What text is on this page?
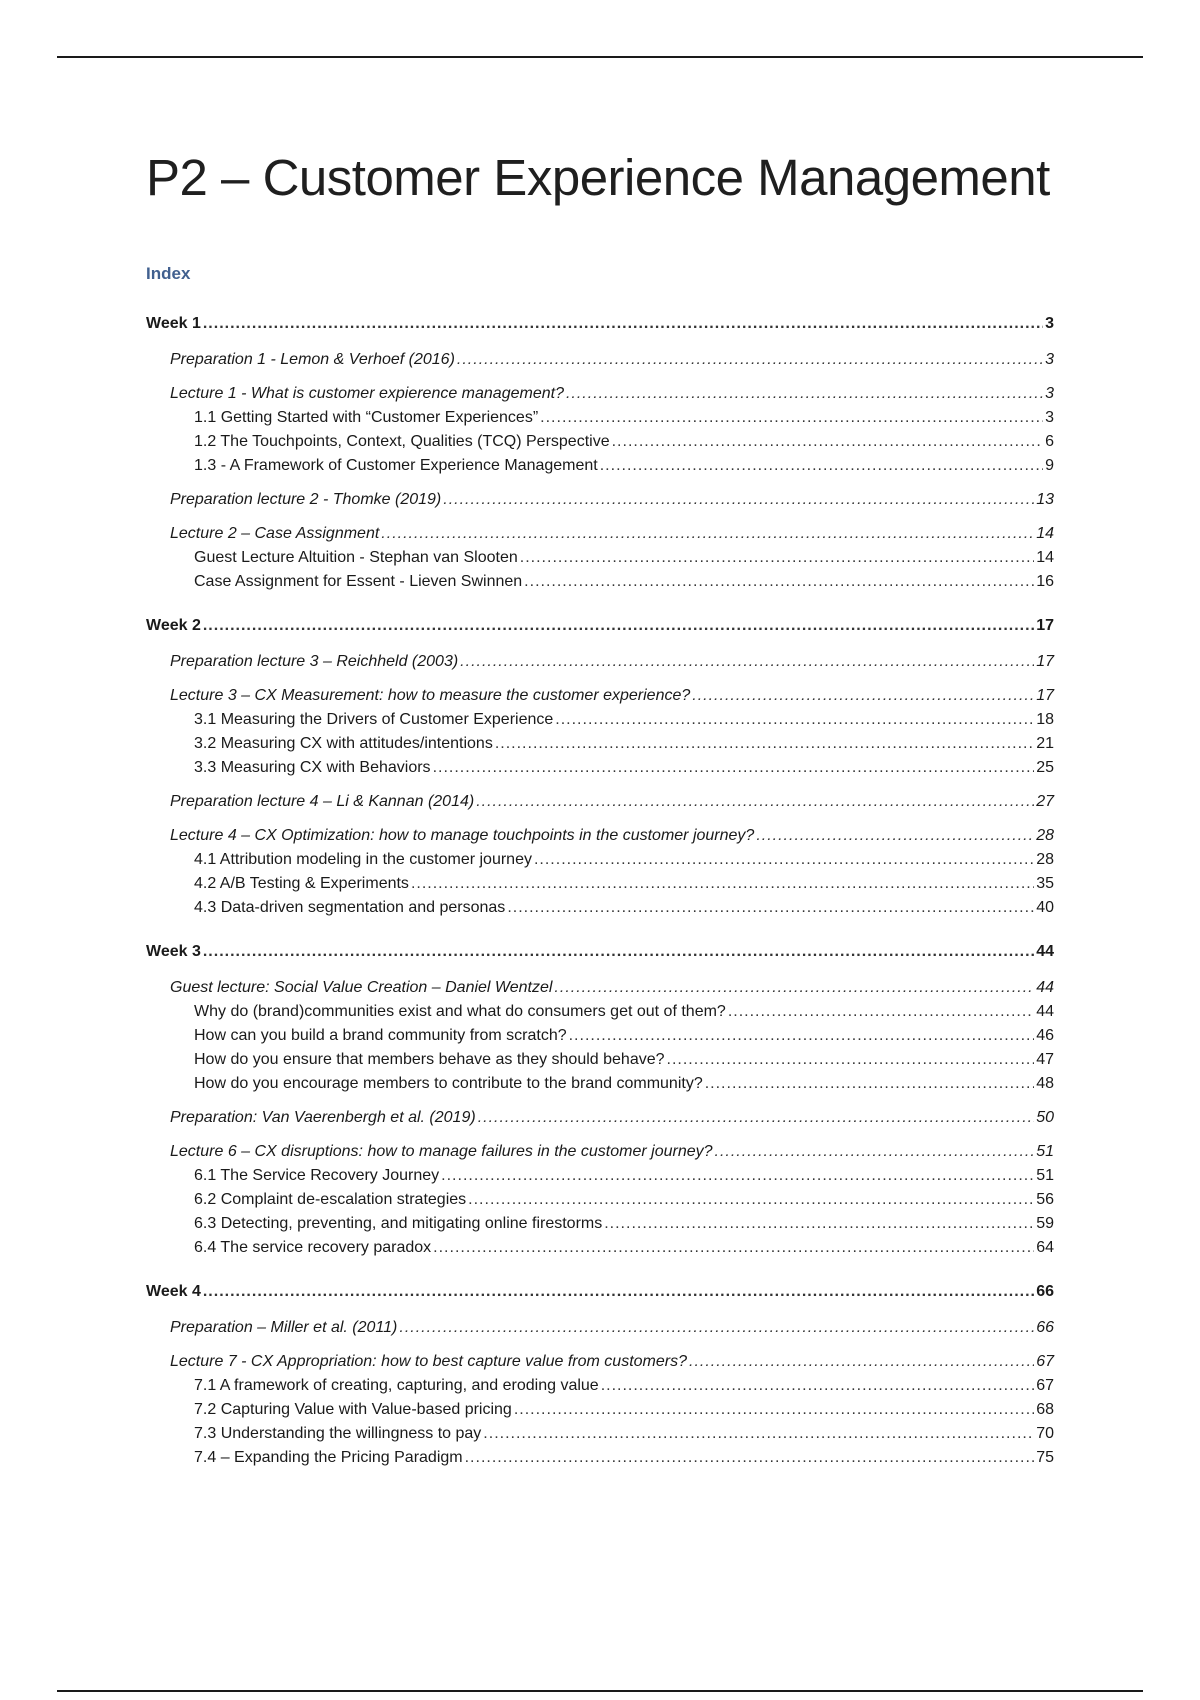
P2 – Customer Experience Management
Index
Week 1 .....	3
Preparation 1 - Lemon & Verhoef (2016) .....	3
Lecture 1 - What is customer expierence management? .....	3
1.1 Getting Started with “Customer Experiences” .....	3
1.2 The Touchpoints, Context, Qualities (TCQ) Perspective .....	6
1.3 - A Framework of Customer Experience Management .....	9
Preparation lecture 2 - Thomke (2019) .....	13
Lecture 2 – Case Assignment .....	14
Guest Lecture Altuition - Stephan van Slooten .....	14
Case Assignment for Essent - Lieven Swinnen .....	16
Week 2 .....	17
Preparation lecture 3 – Reichheld (2003) .....	17
Lecture 3 – CX Measurement: how to measure the customer experience? .....	17
3.1 Measuring the Drivers of Customer Experience .....	18
3.2 Measuring CX with attitudes/intentions .....	21
3.3 Measuring CX with Behaviors .....	25
Preparation lecture 4 – Li & Kannan (2014) .....	27
Lecture 4 – CX Optimization: how to manage touchpoints in the customer journey? .....	28
4.1 Attribution modeling in the customer journey .....	28
4.2 A/B Testing & Experiments .....	35
4.3 Data-driven segmentation and personas .....	40
Week 3 .....	44
Guest lecture: Social Value Creation – Daniel Wentzel .....	44
Why do (brand)communities exist and what do consumers get out of them? .....	44
How can you build a brand community from scratch? .....	46
How do you ensure that members behave as they should behave? .....	47
How do you encourage members to contribute to the brand community? .....	48
Preparation: Van Vaerenbergh et al. (2019) .....	50
Lecture 6 – CX disruptions: how to manage failures in the customer journey? .....	51
6.1 The Service Recovery Journey .....	51
6.2 Complaint de-escalation strategies .....	56
6.3 Detecting, preventing, and mitigating online firestorms .....	59
6.4 The service recovery paradox .....	64
Week 4 .....	66
Preparation – Miller et al. (2011) .....	66
Lecture 7 - CX Appropriation: how to best capture value from customers? .....	67
7.1 A framework of creating, capturing, and eroding value .....	67
7.2 Capturing Value with Value-based pricing .....	68
7.3 Understanding the willingness to pay .....	70
7.4 – Expanding the Pricing Paradigm .....	75
